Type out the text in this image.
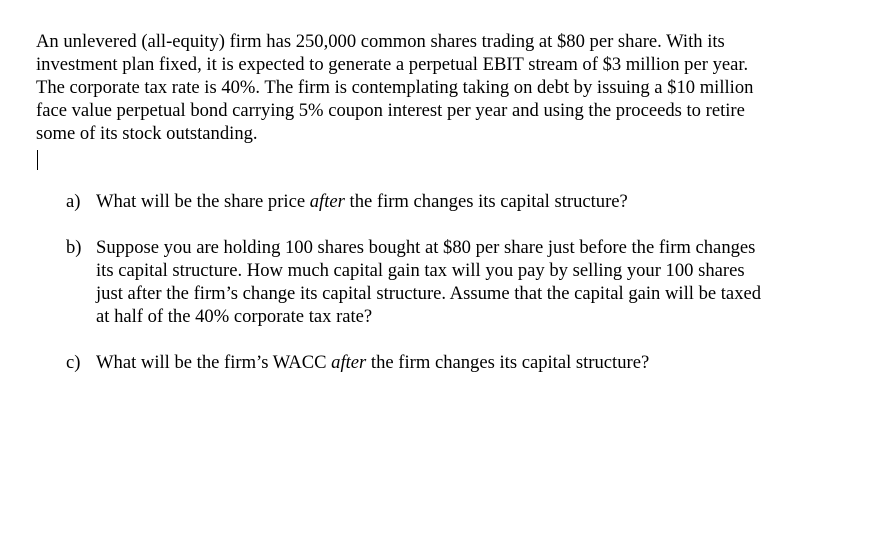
An unlevered (all-equity) firm has 250,000 common shares trading at $80 per share. With its
investment plan fixed, it is expected to generate a perpetual EBIT stream of $3 million per year.
The corporate tax rate is 40%. The firm is contemplating taking on debt by issuing a $10 million
face value perpetual bond carrying 5% coupon interest per year and using the proceeds to retire
some of its stock outstanding.

a) What will be the share price after the firm changes its capital structure?
b) Suppose you are holding 100 shares bought at $80 per share just before the firm changes
its capital structure. How much capital gain tax will you pay by selling your 100 shares
just after the firm’s change its capital structure. Assume that the capital gain will be taxed
at half of the 40% corporate tax rate?
c) What will be the firm’s WACC after the firm changes its capital structure?
